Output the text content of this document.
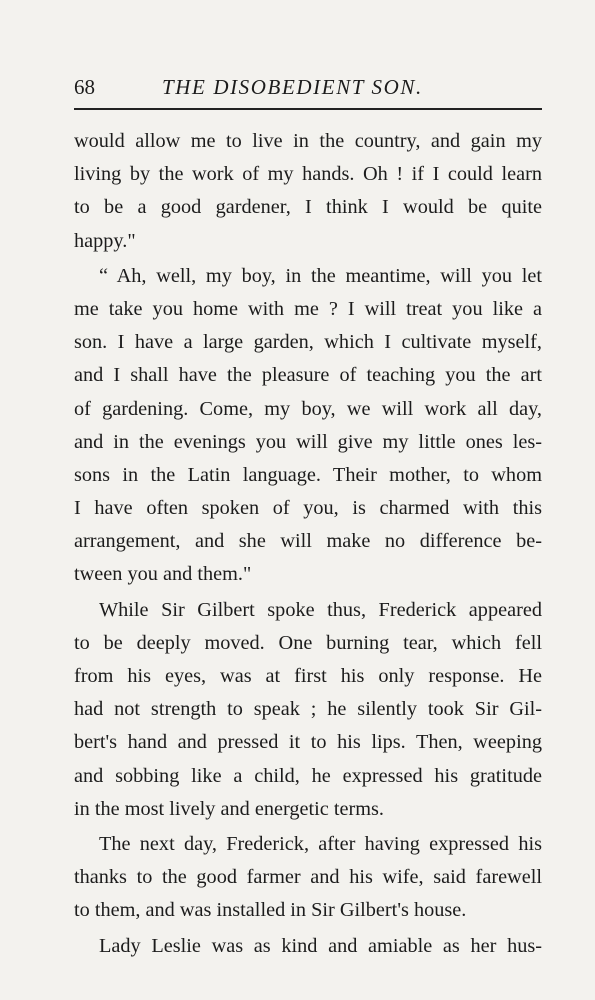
68	THE DISOBEDIENT SON.
would allow me to live in the country, and gain my
living by the work of my hands. Oh ! if I could learn
to be a good gardener, I think I would be quite
happy."
“ Ah, well, my boy, in the meantime, will you let
me take you home with me ? I will treat you like a
son. I have a large garden, which I cultivate myself,
and I shall have the pleasure of teaching you the art
of gardening. Come, my boy, we will work all day,
and in the evenings you will give my little ones les-
sons in the Latin language. Their mother, to whom
I have often spoken of you, is charmed with this
arrangement, and she will make no difference be-
tween you and them."
While Sir Gilbert spoke thus, Frederick appeared
to be deeply moved. One burning tear, which fell
from his eyes, was at first his only response. He
had not strength to speak ; he silently took Sir Gil-
bert's hand and pressed it to his lips. Then, weeping
and sobbing like a child, he expressed his gratitude
in the most lively and energetic terms.
The next day, Frederick, after having expressed his
thanks to the good farmer and his wife, said farewell
to them, and was installed in Sir Gilbert's house.
Lady Leslie was as kind and amiable as her hus-
